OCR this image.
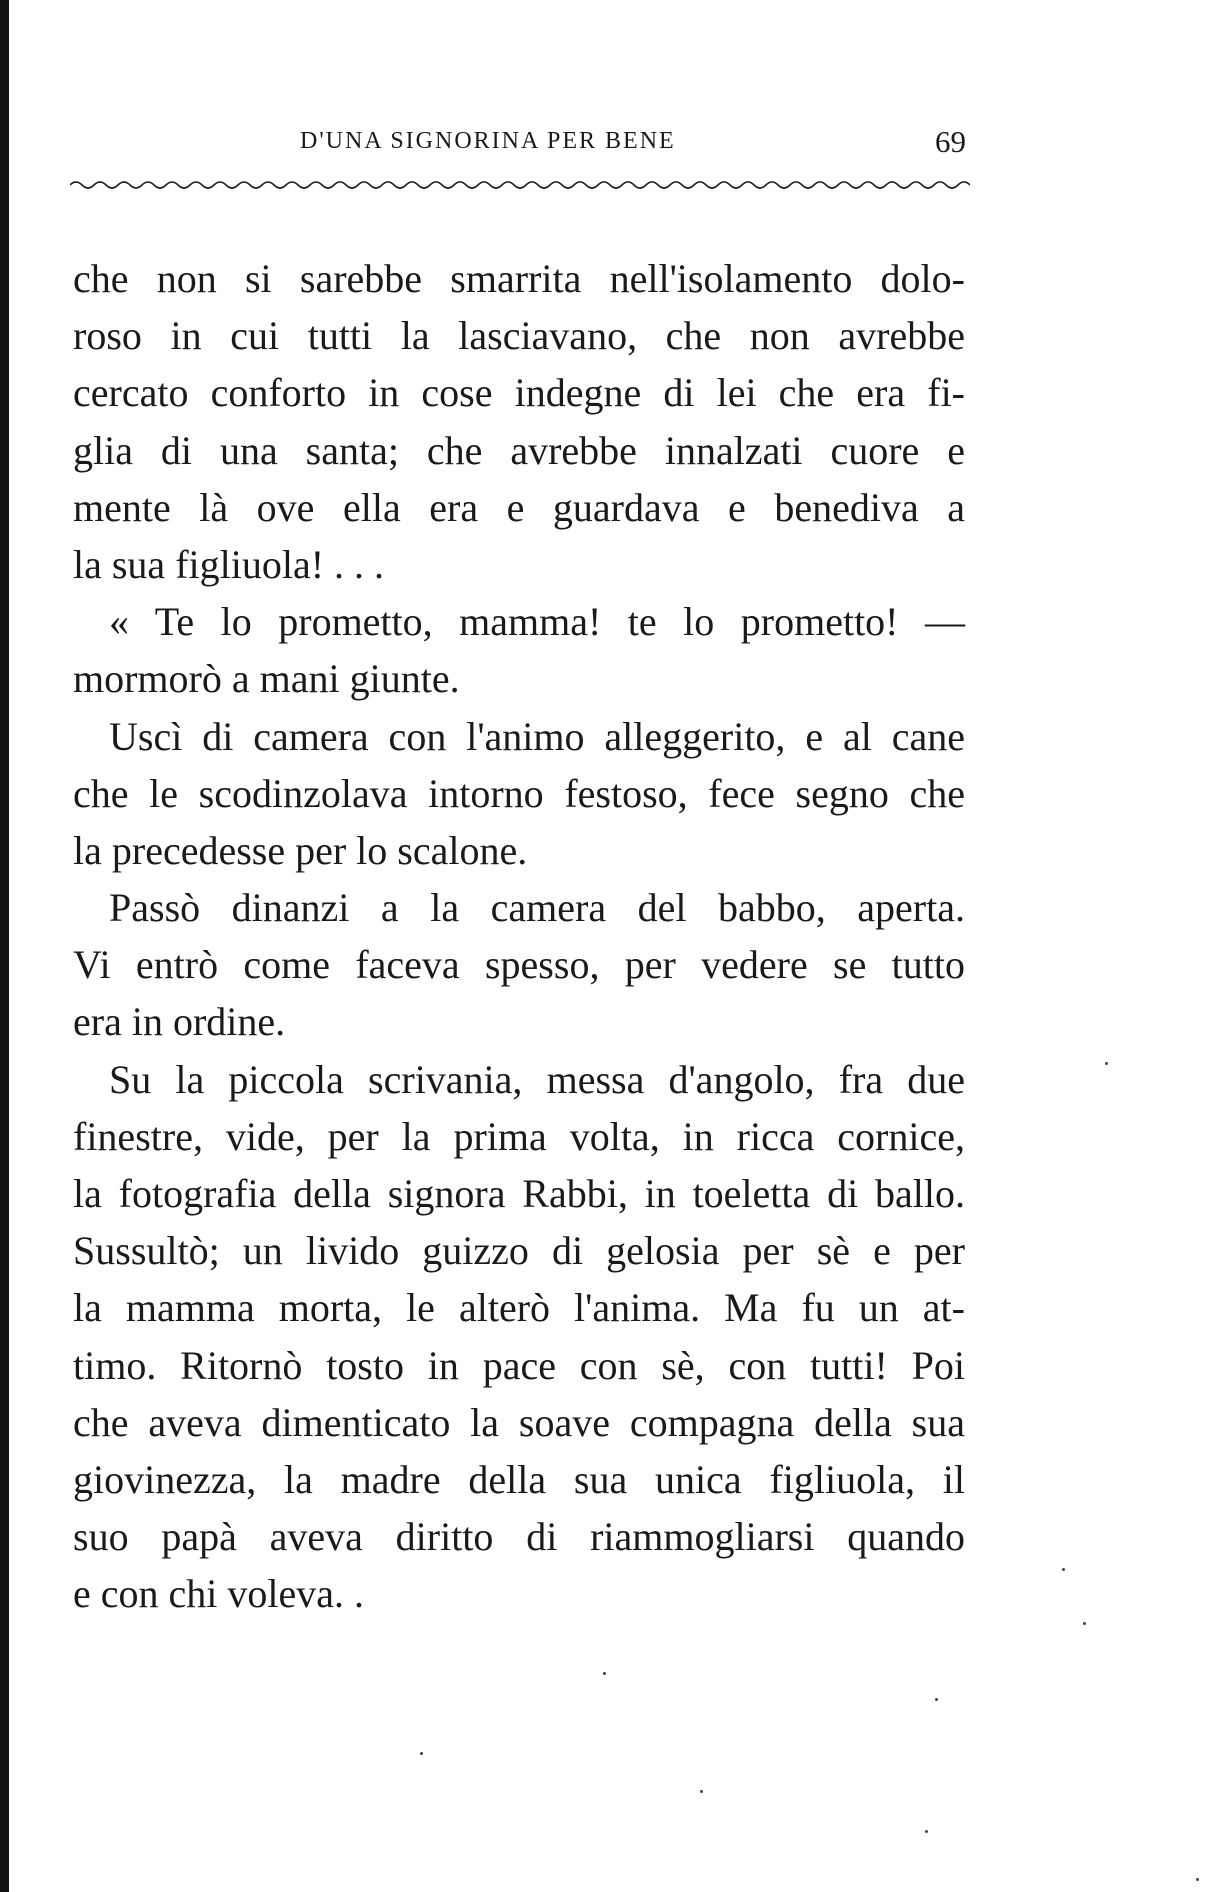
D'UNA SIGNORINA PER BENE	69
che non si sarebbe smarrita nell'isolamento dolo-
roso in cui tutti la lasciavano, che non avrebbe
cercato conforto in cose indegne di lei che era fi-
glia di una santa; che avrebbe innalzati cuore e
mente là ove ella era e guardava e benediva a
la sua figliuola! . . .
« Te lo prometto, mamma! te lo prometto! —
mormorò a mani giunte.
Uscì di camera con l'animo alleggerito, e al cane
che le scodinzolava intorno festoso, fece segno che
la precedesse per lo scalone.
Passò dinanzi a la camera del babbo, aperta.
Vi entrò come faceva spesso, per vedere se tutto
era in ordine.
Su la piccola scrivania, messa d'angolo, fra due
finestre, vide, per la prima volta, in ricca cornice,
la fotografia della signora Rabbi, in toeletta di ballo.
Sussultò; un livido guizzo di gelosia per sè e per
la mamma morta, le alterò l'anima. Ma fu un at-
timo. Ritornò tosto in pace con sè, con tutti! Poi
che aveva dimenticato la soave compagna della sua
giovinezza, la madre della sua unica figliuola, il
suo papà aveva diritto di riammogliarsi quando
e con chi voleva. .
